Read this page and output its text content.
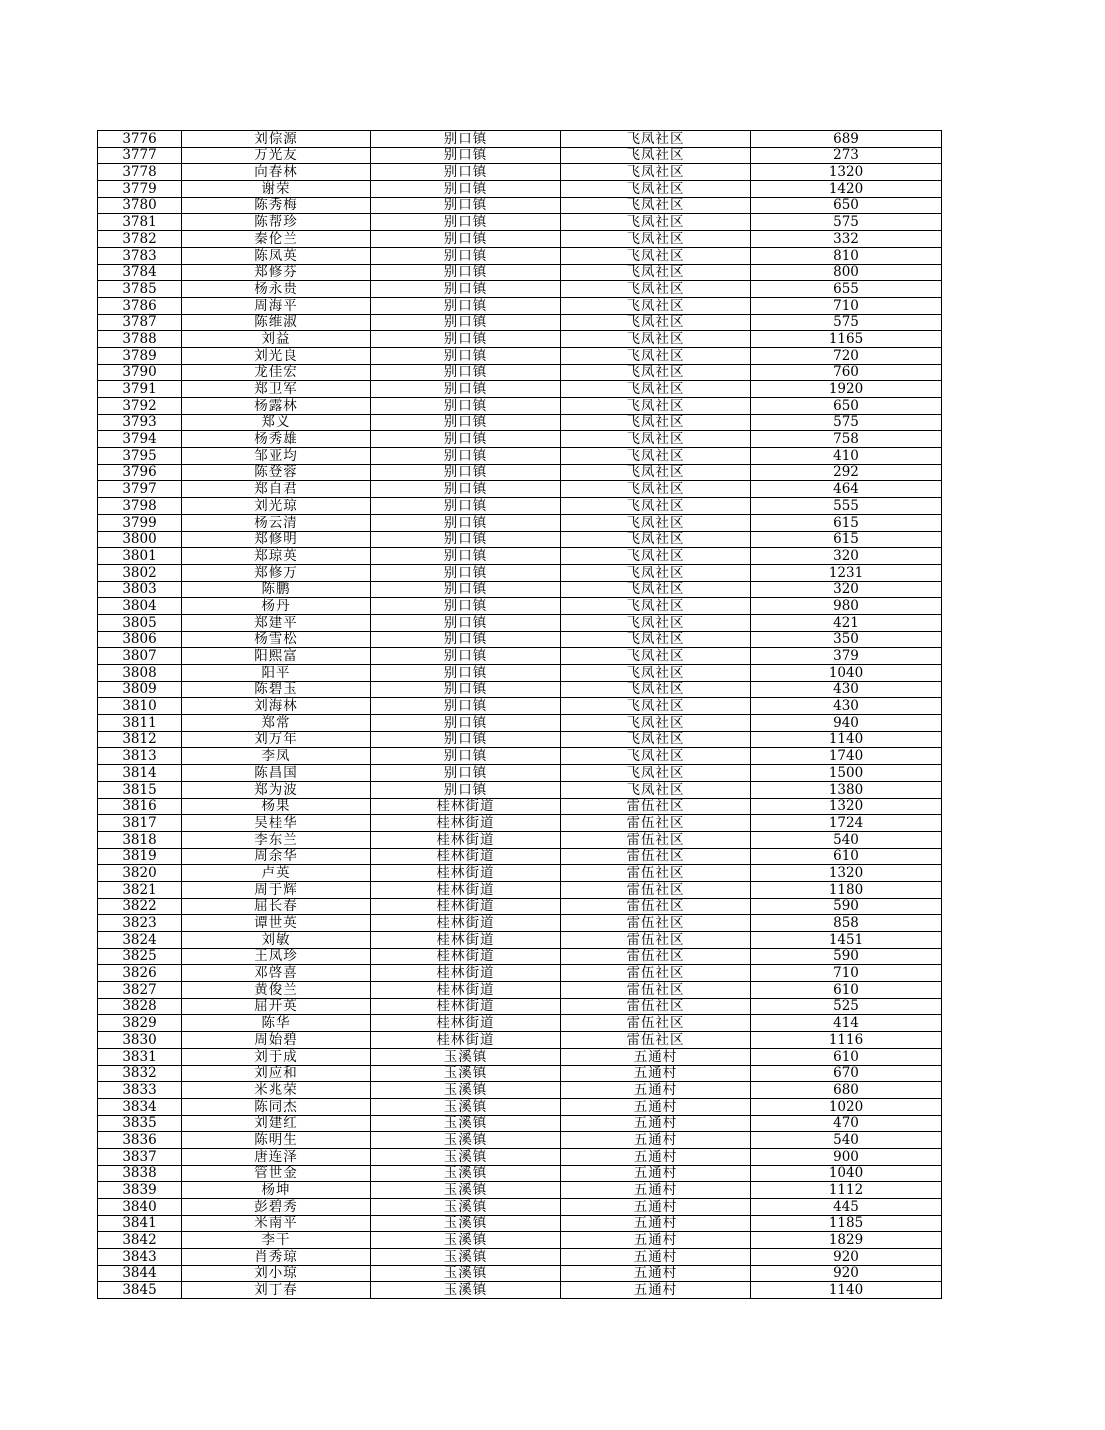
3776	刘倧源	别口镇	飞凤社区	689
3777	万光友	别口镇	飞凤社区	273
3778	向春林	别口镇	飞凤社区	1320
3779	谢荣	别口镇	飞凤社区	1420
3780	陈秀梅	别口镇	飞凤社区	650
3781	陈帮珍	别口镇	飞凤社区	575
3782	秦伦兰	别口镇	飞凤社区	332
3783	陈凤英	别口镇	飞凤社区	810
3784	郑修芬	别口镇	飞凤社区	800
3785	杨永贵	别口镇	飞凤社区	655
3786	周海平	别口镇	飞凤社区	710
3787	陈维淑	别口镇	飞凤社区	575
3788	刘益	别口镇	飞凤社区	1165
3789	刘光良	别口镇	飞凤社区	720
3790	龙佳宏	别口镇	飞凤社区	760
3791	郑卫军	别口镇	飞凤社区	1920
3792	杨露林	别口镇	飞凤社区	650
3793	郑义	别口镇	飞凤社区	575
3794	杨秀雄	别口镇	飞凤社区	758
3795	邹亚均	别口镇	飞凤社区	410
3796	陈登蓉	别口镇	飞凤社区	292
3797	郑自君	别口镇	飞凤社区	464
3798	刘光琼	别口镇	飞凤社区	555
3799	杨云清	别口镇	飞凤社区	615
3800	郑修明	别口镇	飞凤社区	615
3801	郑琼英	别口镇	飞凤社区	320
3802	郑修万	别口镇	飞凤社区	1231
3803	陈鹏	别口镇	飞凤社区	320
3804	杨丹	别口镇	飞凤社区	980
3805	郑建平	别口镇	飞凤社区	421
3806	杨雪松	别口镇	飞凤社区	350
3807	阳熙富	别口镇	飞凤社区	379
3808	阳平	别口镇	飞凤社区	1040
3809	陈碧玉	别口镇	飞凤社区	430
3810	刘海林	别口镇	飞凤社区	430
3811	郑常	别口镇	飞凤社区	940
3812	刘万年	别口镇	飞凤社区	1140
3813	李凤	别口镇	飞凤社区	1740
3814	陈昌国	别口镇	飞凤社区	1500
3815	郑为波	别口镇	飞凤社区	1380
3816	杨果	桂林街道	雷伍社区	1320
3817	吴桂华	桂林街道	雷伍社区	1724
3818	李东兰	桂林街道	雷伍社区	540
3819	周余华	桂林街道	雷伍社区	610
3820	卢英	桂林街道	雷伍社区	1320
3821	周于辉	桂林街道	雷伍社区	1180
3822	屈长春	桂林街道	雷伍社区	590
3823	谭世英	桂林街道	雷伍社区	858
3824	刘敏	桂林街道	雷伍社区	1451
3825	王凤珍	桂林街道	雷伍社区	590
3826	邓啓喜	桂林街道	雷伍社区	710
3827	黄俊兰	桂林街道	雷伍社区	610
3828	屈开英	桂林街道	雷伍社区	525
3829	陈华	桂林街道	雷伍社区	414
3830	周始碧	桂林街道	雷伍社区	1116
3831	刘于成	玉溪镇	五通村	610
3832	刘应和	玉溪镇	五通村	670
3833	米兆荣	玉溪镇	五通村	680
3834	陈同杰	玉溪镇	五通村	1020
3835	刘建红	玉溪镇	五通村	470
3836	陈明生	玉溪镇	五通村	540
3837	唐连泽	玉溪镇	五通村	900
3838	管世金	玉溪镇	五通村	1040
3839	杨坤	玉溪镇	五通村	1112
3840	彭碧秀	玉溪镇	五通村	445
3841	米南平	玉溪镇	五通村	1185
3842	李干	玉溪镇	五通村	1829
3843	肖秀琼	玉溪镇	五通村	920
3844	刘小琼	玉溪镇	五通村	920
3845	刘丁春	玉溪镇	五通村	1140
